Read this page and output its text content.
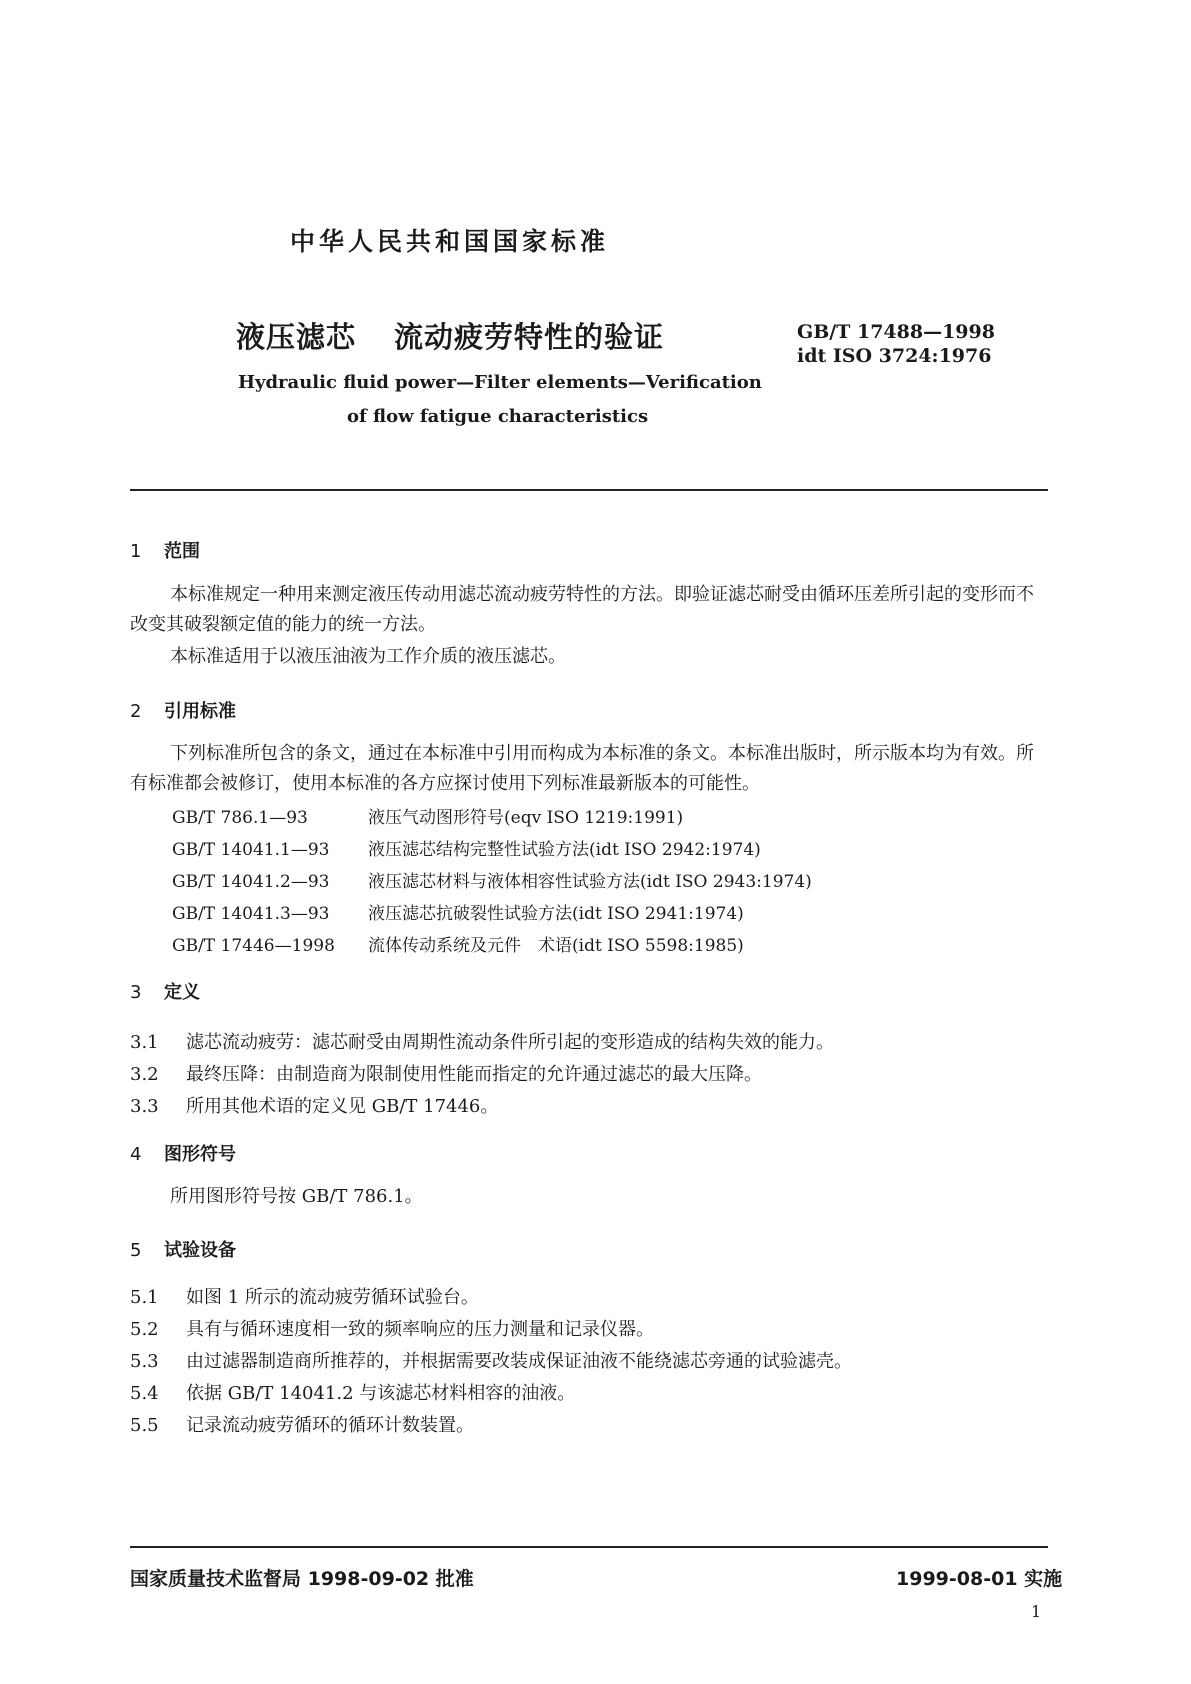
中华人民共和国国家标准
液压滤芯 流动疲劳特性的验证	GB/T 17488—1998
idt ISO 3724:1976
Hydraulic fluid power—Filter elements—Verification
of flow fatigue characteristics
1 范围
本标准规定一种用来测定液压传动用滤芯流动疲劳特性的方法。即验证滤芯耐受由循环压差所引起的变形而不改变其破裂额定值的能力的统一方法。
本标准适用于以液压油液为工作介质的液压滤芯。
2 引用标准
下列标准所包含的条文，通过在本标准中引用而构成为本标准的条文。本标准出版时，所示版本均为有效。所有标准都会被修订，使用本标准的各方应探讨使用下列标准最新版本的可能性。
GB/T 786.1—93	液压气动图形符号(eqv ISO 1219:1991)
GB/T 14041.1—93 液压滤芯结构完整性试验方法(idt ISO 2942:1974)
GB/T 14041.2—93 液压滤芯材料与液体相容性试验方法(idt ISO 2943:1974)
GB/T 14041.3—93 液压滤芯抗破裂性试验方法(idt ISO 2941:1974)
GB/T 17446—1998 流体传动系统及元件　术语(idt ISO 5598:1985)
3 定义
3.1 滤芯流动疲劳：滤芯耐受由周期性流动条件所引起的变形造成的结构失效的能力。
3.2 最终压降：由制造商为限制使用性能而指定的允许通过滤芯的最大压降。
3.3 所用其他术语的定义见 GB/T 17446。
4 图形符号
所用图形符号按 GB/T 786.1。
5 试验设备
5.1 如图 1 所示的流动疲劳循环试验台。
5.2 具有与循环速度相一致的频率响应的压力测量和记录仪器。
5.3 由过滤器制造商所推荐的，并根据需要改装成保证油液不能绕滤芯旁通的试验滤壳。
5.4 依据 GB/T 14041.2 与该滤芯材料相容的油液。
5.5 记录流动疲劳循环的循环计数装置。
国家质量技术监督局 1998-09-02 批准	1999-08-01 实施
1
